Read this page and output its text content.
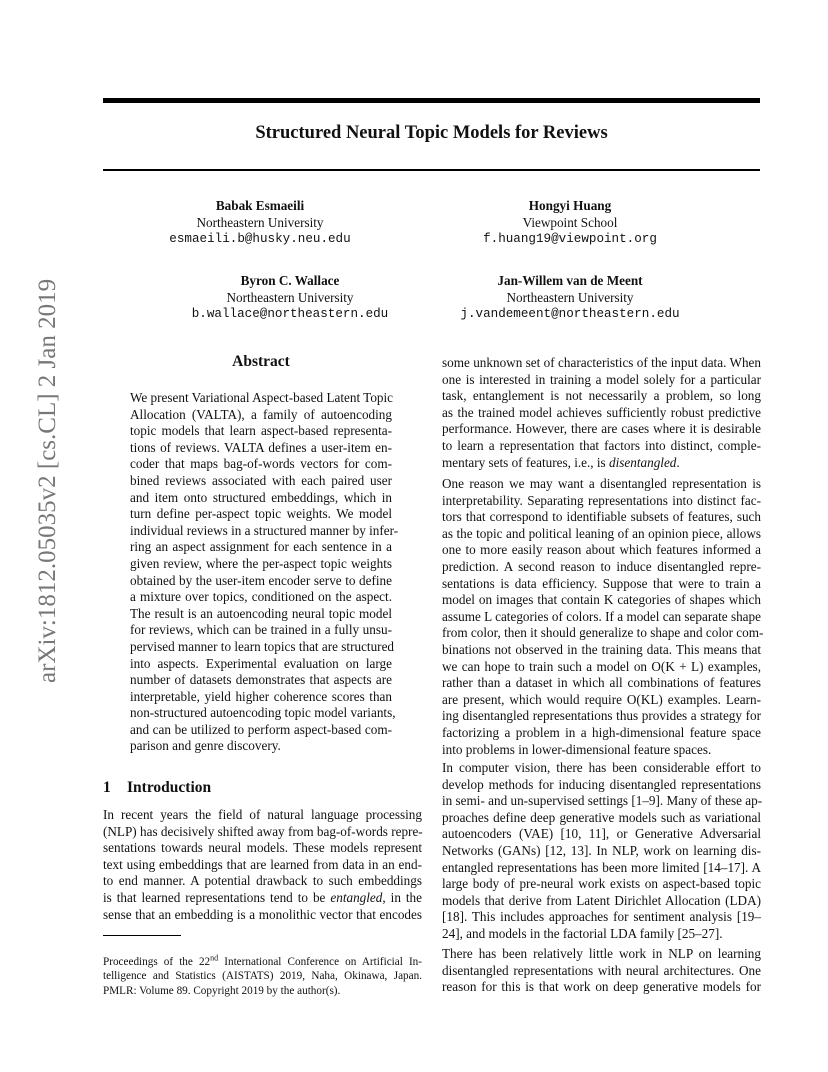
arXiv:1812.05035v2 [cs.CL] 2 Jan 2019
Structured Neural Topic Models for Reviews
Babak Esmaeili
Northeastern University
esmaeili.b@husky.neu.edu
Hongyi Huang
Viewpoint School
f.huang19@viewpoint.org
Byron C. Wallace
Northeastern University
b.wallace@northeastern.edu
Jan-Willem van de Meent
Northeastern University
j.vandemeent@northeastern.edu
Abstract
We present Variational Aspect-based Latent Topic
Allocation (VALTA), a family of autoencoding
topic models that learn aspect-based representa-
tions of reviews. VALTA defines a user-item en-
coder that maps bag-of-words vectors for com-
bined reviews associated with each paired user
and item onto structured embeddings, which in
turn define per-aspect topic weights. We model
individual reviews in a structured manner by infer-
ring an aspect assignment for each sentence in a
given review, where the per-aspect topic weights
obtained by the user-item encoder serve to define
a mixture over topics, conditioned on the aspect.
The result is an autoencoding neural topic model
for reviews, which can be trained in a fully unsu-
pervised manner to learn topics that are structured
into aspects. Experimental evaluation on large
number of datasets demonstrates that aspects are
interpretable, yield higher coherence scores than
non-structured autoencoding topic model variants,
and can be utilized to perform aspect-based com-
parison and genre discovery.
1 Introduction
In recent years the field of natural language processing
(NLP) has decisively shifted away from bag-of-words repre-
sentations towards neural models. These models represent
text using embeddings that are learned from data in an end-
to end manner. A potential drawback to such embeddings
is that learned representations tend to be entangled, in the
sense that an embedding is a monolithic vector that encodes
Proceedings of the 22nd International Conference on Artificial In-
telligence and Statistics (AISTATS) 2019, Naha, Okinawa, Japan.
PMLR: Volume 89. Copyright 2019 by the author(s).
some unknown set of characteristics of the input data. When
one is interested in training a model solely for a particular
task, entanglement is not necessarily a problem, so long
as the trained model achieves sufficiently robust predictive
performance. However, there are cases where it is desirable
to learn a representation that factors into distinct, comple-
mentary sets of features, i.e., is disentangled.
One reason we may want a disentangled representation is
interpretability. Separating representations into distinct fac-
tors that correspond to identifiable subsets of features, such
as the topic and political leaning of an opinion piece, allows
one to more easily reason about which features informed a
prediction. A second reason to induce disentangled repre-
sentations is data efficiency. Suppose that were to train a
model on images that contain K categories of shapes which
assume L categories of colors. If a model can separate shape
from color, then it should generalize to shape and color com-
binations not observed in the training data. This means that
we can hope to train such a model on O(K + L) examples,
rather than a dataset in which all combinations of features
are present, which would require O(KL) examples. Learn-
ing disentangled representations thus provides a strategy for
factorizing a problem in a high-dimensional feature space
into problems in lower-dimensional feature spaces.
In computer vision, there has been considerable effort to
develop methods for inducing disentangled representations
in semi- and un-supervised settings [1–9]. Many of these ap-
proaches define deep generative models such as variational
autoencoders (VAE) [10, 11], or Generative Adversarial
Networks (GANs) [12, 13]. In NLP, work on learning dis-
entangled representations has been more limited [14–17]. A
large body of pre-neural work exists on aspect-based topic
models that derive from Latent Dirichlet Allocation (LDA)
[18]. This includes approaches for sentiment analysis [19–
24], and models in the factorial LDA family [25–27].
There has been relatively little work in NLP on learning
disentangled representations with neural architectures. One
reason for this is that work on deep generative models for
